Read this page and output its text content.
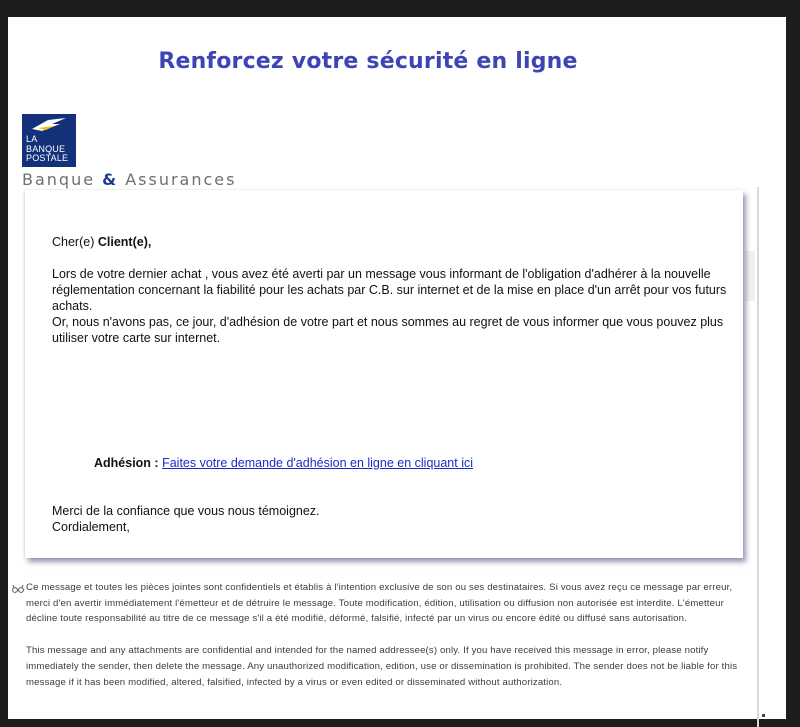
Renforcez votre sécurité en ligne
LA
BANQUE
POSTALE
Banque & Assurances
Cher(e) Client(e),
Lors de votre dernier achat , vous avez été averti par un message vous informant de l'obligation d'adhérer à la nouvelle réglementation concernant la fiabilité pour les achats par C.B. sur internet et de la mise en place d'un arrêt pour vos futurs achats.
Or, nous n'avons pas, ce jour, d'adhésion de votre part et nous sommes au regret de vous informer que vous pouvez plus utiliser votre carte sur internet.
Adhésion : Faites votre demande d'adhésion en ligne en cliquant ici
Merci de la confiance que vous nous témoignez.
Cordialement,

Ce message et toutes les pièces jointes sont confidentiels et établis à l'intention exclusive de son ou ses destinataires. Si vous avez reçu ce message par erreur, merci d'en avertir immédiatement l'émetteur et de détruire le message. Toute modification, édition, utilisation ou diffusion non autorisée est interdite. L'émetteur décline toute responsabilité au titre de ce message s'il a été modifié, déformé, falsifié, infecté par un virus ou encore édité ou diffusé sans autorisation.

This message and any attachments are confidential and intended for the named addressee(s) only. If you have received this message in error, please notify immediately the sender, then delete the message. Any unauthorized modification, edition, use or dissemination is prohibited. The sender does not be liable for this message if it has been modified, altered, falsified, infected by a virus or even edited or disseminated without authorization.
